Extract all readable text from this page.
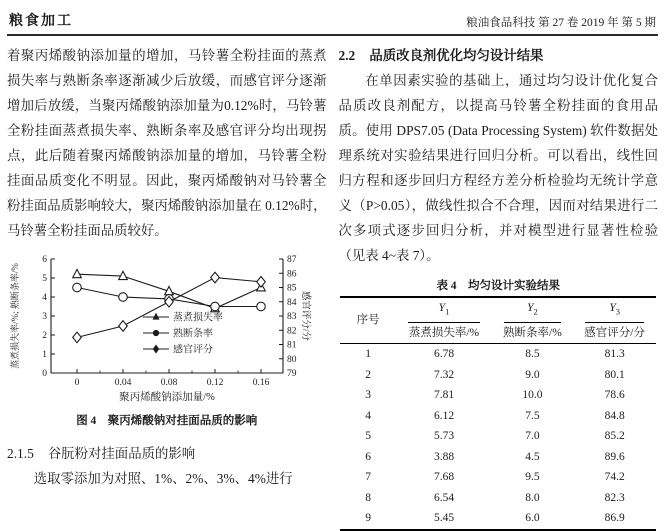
粮食加工	粮油食品科技 第 27 卷 2019 年 第 5 期

着聚丙烯酸钠添加量的增加，马铃薯全粉挂面的蒸煮损失率与熟断条率逐渐减少后放缓，而感官评分逐渐增加后放缓，当聚丙烯酸钠添加量为0.12%时，马铃薯全粉挂面蒸煮损失率、熟断条率及感官评分均出现拐点，此后随着聚丙烯酸钠添加量的增加，马铃薯全粉挂面品质变化不明显。因此，聚丙烯酸钠对马铃薯全粉挂面品质影响较大，聚丙烯酸钠添加量在 0.12%时，马铃薯全粉挂面品质较好。

0
1
2
3
4
5
6
79
80
81
82
83
84
85
86
87
0	0.04	0.08	0.12	0.16
聚丙烯酸钠添加量/%
蒸煮损失率/%; 熟断条率/%	感官评分/分
蒸煮损失率
熟断条率
感官评分
图 4　聚丙烯酸钠对挂面品质的影响

2.1.5 谷朊粉对挂面品质的影响

选取零添加为对照、1%、2%、3%、4%进行

2.2 品质改良剂优化均匀设计结果

在单因素实验的基础上，通过均匀设计优化复合品质改良剂配方，以提高马铃薯全粉挂面的食用品质。使用 DPS7.05 (Data Processing System) 软件数据处理系统对实验结果进行回归分析。可以看出，线性回归方程和逐步回归方程经方差分析检验均无统计学意义（P>0.05），做线性拟合不合理，因而对结果进行二次多项式逐步回归分析，并对模型进行显著性检验（见表 4~表 7）。

表 4　均匀设计实验结果
序号	$Y_1$	$Y_2$	$Y_3$

	蒸煮损失率/%	熟断条率/%	感官评分/分
1	6.78	8.5	81.3
2	7.32	9.0	80.1
3	7.81	10.0	78.6
4	6.12	7.5	84.8
5	5.73	7.0	85.2
6	3.88	4.5	89.6
7	7.68	9.5	74.2
8	6.54	8.0	82.3
9	5.45	6.0	86.9
